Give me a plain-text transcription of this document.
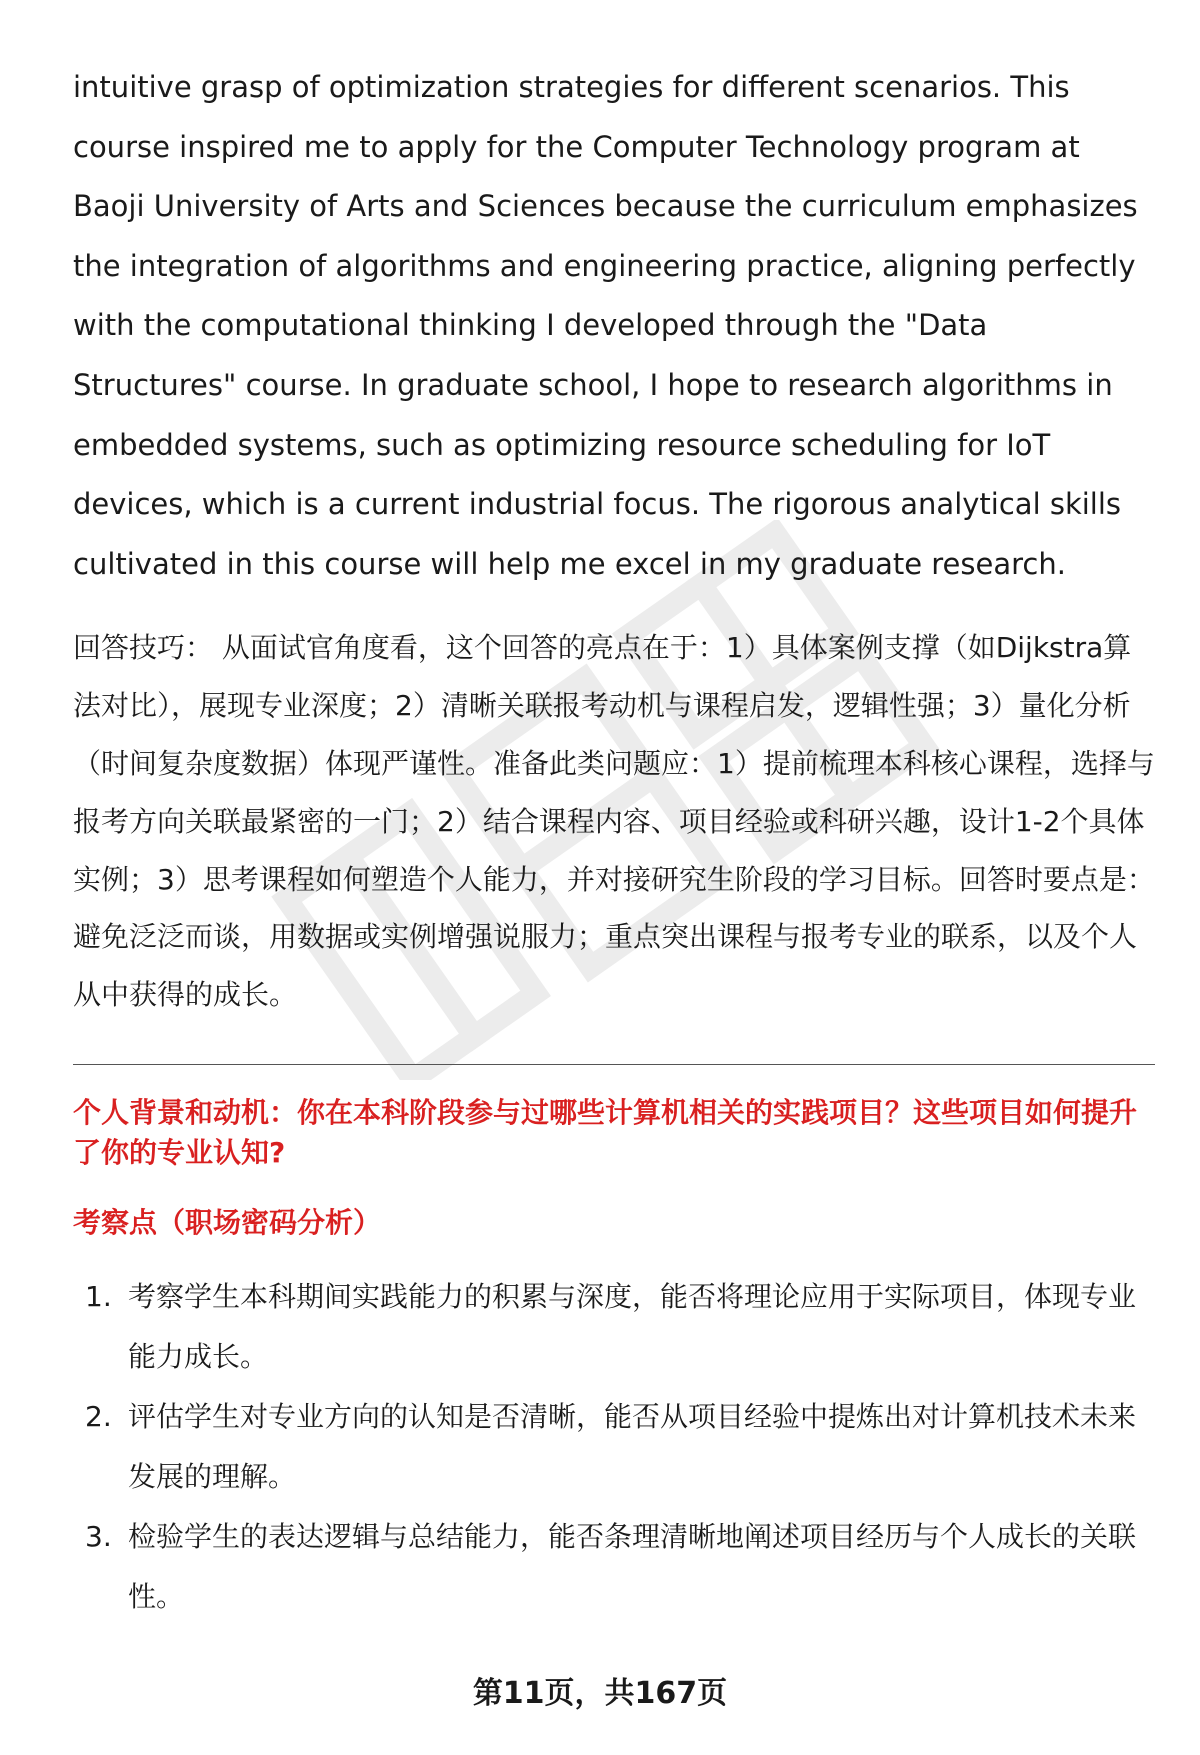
intuitive grasp of optimization strategies for different scenarios. This course inspired me to apply for the Computer Technology program at Baoji University of Arts and Sciences because the curriculum emphasizes the integration of algorithms and engineering practice, aligning perfectly with the computational thinking I developed through the "Data Structures" course. In graduate school, I hope to research algorithms in embedded systems, such as optimizing resource scheduling for IoT devices, which is a current industrial focus. The rigorous analytical skills cultivated in this course will help me excel in my graduate research.

回答技巧： 从面试官角度看，这个回答的亮点在于：1）具体案例支撑（如Dijkstra算法对比），展现专业深度；2）清晰关联报考动机与课程启发，逻辑性强；3）量化分析（时间复杂度数据）体现严谨性。准备此类问题应：1）提前梳理本科核心课程，选择与报考方向关联最紧密的一门；2）结合课程内容、项目经验或科研兴趣，设计1-2个具体实例；3）思考课程如何塑造个人能力，并对接研究生阶段的学习目标。回答时要点是：避免泛泛而谈，用数据或实例增强说服力；重点突出课程与报考专业的联系，以及个人从中获得的成长。

个人背景和动机：你在本科阶段参与过哪些计算机相关的实践项目？这些项目如何提升了你的专业认知?
考察点（职场密码分析）
1. 考察学生本科期间实践能力的积累与深度，能否将理论应用于实际项目，体现专业能力成长。
2. 评估学生对专业方向的认知是否清晰，能否从项目经验中提炼出对计算机技术未来发展的理解。
3. 检验学生的表达逻辑与总结能力，能否条理清晰地阐述项目经历与个人成长的关联性。
第11页，共167页
